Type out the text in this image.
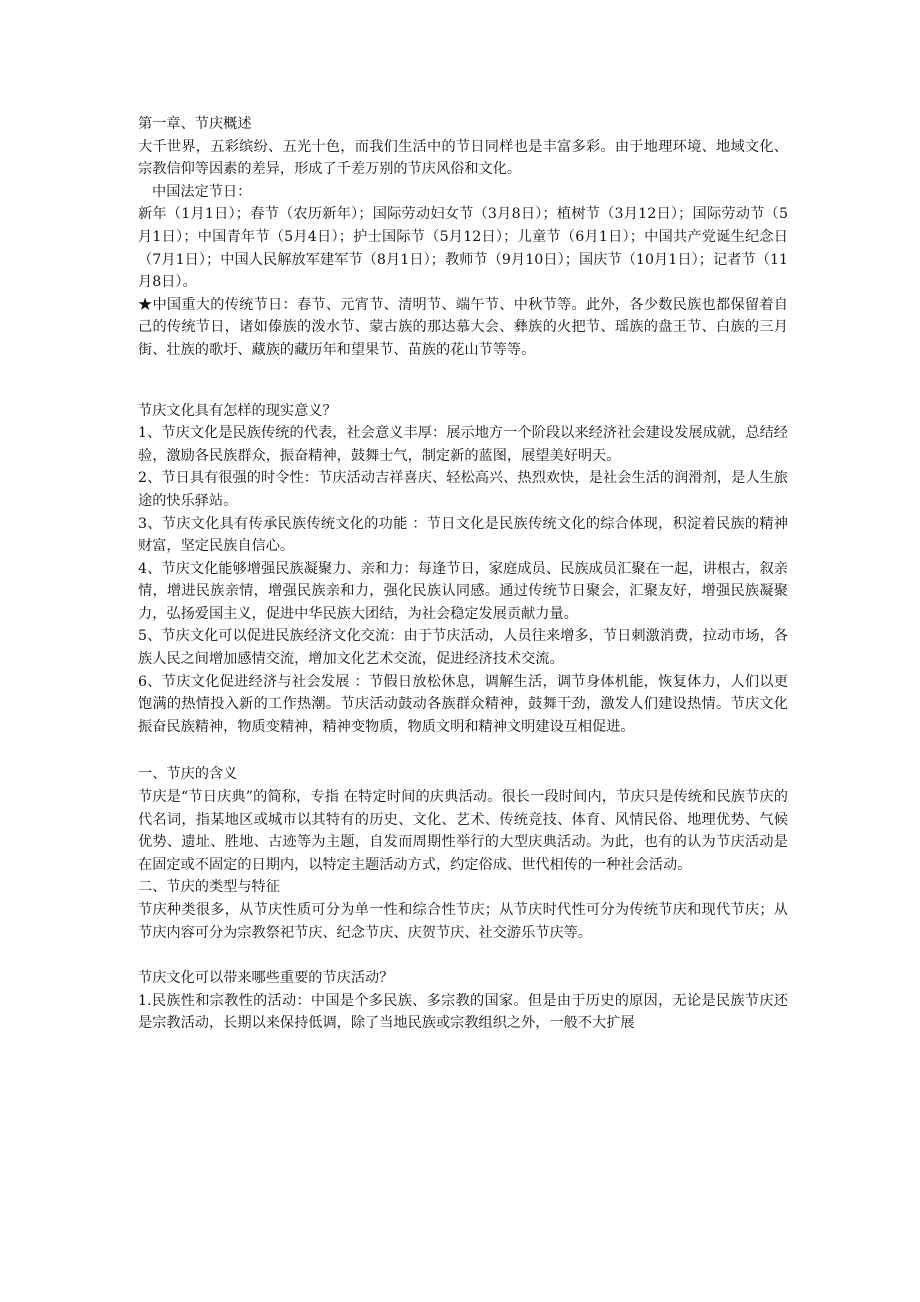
第一章、节庆概述

大千世界，五彩缤纷、五光十色，而我们生活中的节日同样也是丰富多彩。由于地理环境、地域文化、宗教信仰等因素的差异，形成了千差万别的节庆风俗和文化。

中国法定节日：

新年（1月1日）；春节（农历新年）；国际劳动妇女节（3月8日）；植树节（3月12日）；国际劳动节（5月1日）；中国青年节（5月4日）；护士国际节（5月12日）；儿童节（6月1日）；中国共产党诞生纪念日（7月1日）；中国人民解放军建军节（8月1日）；教师节（9月10日）；国庆节（10月1日）；记者节（11月8日）。

★中国重大的传统节日：春节、元宵节、清明节、端午节、中秋节等。此外，各少数民族也都保留着自己的传统节日，诸如傣族的泼水节、蒙古族的那达慕大会、彝族的火把节、瑶族的盘王节、白族的三月街、壮族的歌圩、藏族的藏历年和望果节、苗族的花山节等等。

节庆文化具有怎样的现实意义？

1、节庆文化是民族传统的代表，社会意义丰厚：展示地方一个阶段以来经济社会建设发展成就，总结经验，激励各民族群众，振奋精神，鼓舞士气，制定新的蓝图，展望美好明天。

2、节日具有很强的时令性：节庆活动吉祥喜庆、轻松高兴、热烈欢快，是社会生活的润滑剂，是人生旅途的快乐驿站。

3、节庆文化具有传承民族传统文化的功能 ：节日文化是民族传统文化的综合体现，积淀着民族的精神财富，坚定民族自信心。

4、节庆文化能够增强民族凝聚力、亲和力：每逢节日，家庭成员、民族成员汇聚在一起，讲根古，叙亲情，增进民族亲情，增强民族亲和力，强化民族认同感。通过传统节日聚会，汇聚友好，增强民族凝聚力，弘扬爱国主义，促进中华民族大团结，为社会稳定发展贡献力量。

5、节庆文化可以促进民族经济文化交流：由于节庆活动，人员往来增多，节日刺激消费，拉动市场，各族人民之间增加感情交流，增加文化艺术交流，促进经济技术交流。

6、节庆文化促进经济与社会发展 ：节假日放松休息，调解生活，调节身体机能，恢复体力，人们以更饱满的热情投入新的工作热潮。节庆活动鼓动各族群众精神，鼓舞干劲，激发人们建设热情。节庆文化振奋民族精神，物质变精神，精神变物质，物质文明和精神文明建设互相促进。

一、节庆的含义

节庆是“节日庆典”的简称，专指 在特定时间的庆典活动。很长一段时间内，节庆只是传统和民族节庆的代名词，指某地区或城市以其特有的历史、文化、艺术、传统竞技、体育、风情民俗、地理优势、气候优势、遗址、胜地、古迹等为主题，自发而周期性举行的大型庆典活动。为此，也有的认为节庆活动是在固定或不固定的日期内，以特定主题活动方式，约定俗成、世代相传的一种社会活动。

二、节庆的类型与特征

节庆种类很多，从节庆性质可分为单一性和综合性节庆；从节庆时代性可分为传统节庆和现代节庆；从节庆内容可分为宗教祭祀节庆、纪念节庆、庆贺节庆、社交游乐节庆等。

节庆文化可以带来哪些重要的节庆活动？

1.民族性和宗教性的活动：中国是个多民族、多宗教的国家。但是由于历史的原因，无论是民族节庆还是宗教活动，长期以来保持低调，除了当地民族或宗教组织之外，一般不大扩展
